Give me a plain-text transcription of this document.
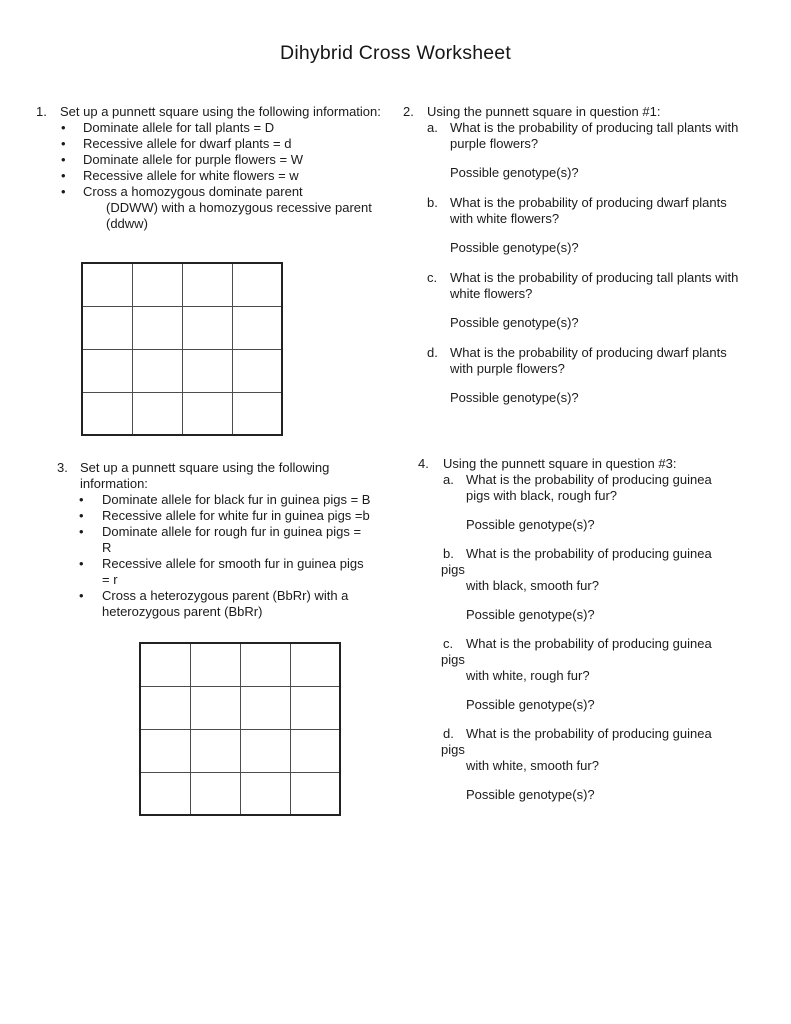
Dihybrid Cross Worksheet
1.	Set up a punnett square using the following information:
•	Dominate allele for tall plants = D
•	Recessive allele for dwarf plants = d
•	Dominate allele for purple flowers = W
•	Recessive allele for white flowers = w
•	Cross a homozygous dominate parent
(DDWW) with a homozygous recessive parent
(ddww)
2.	Using the punnett square in question #1:
a. What is the probability of producing tall plants with
purple flowers?
Possible genotype(s)?
b. What is the probability of producing dwarf plants
with white flowers?
Possible genotype(s)?
c. What is the probability of producing tall plants with
white flowers?
Possible genotype(s)?
d. What is the probability of producing dwarf plants
with purple flowers?
Possible genotype(s)?

3. Set up a punnett square using the following
information:
•	Dominate allele for black fur in guinea pigs = B
•	Recessive allele for white fur in guinea pigs =b
•	Dominate allele for rough fur in guinea pigs =
R
•	Recessive allele for smooth fur in guinea pigs
= r
•	Cross a heterozygous parent (BbRr) with a
heterozygous parent (BbRr)
4.	Using the punnett square in question #3:
a. What is the probability of producing guinea
pigs with black, rough fur?
Possible genotype(s)?
b. What is the probability of producing guinea
pigs
with black, smooth fur?
Possible genotype(s)?
c. What is the probability of producing guinea
pigs
with white, rough fur?
Possible genotype(s)?
d. What is the probability of producing guinea
pigs
with white, smooth fur?
Possible genotype(s)?
